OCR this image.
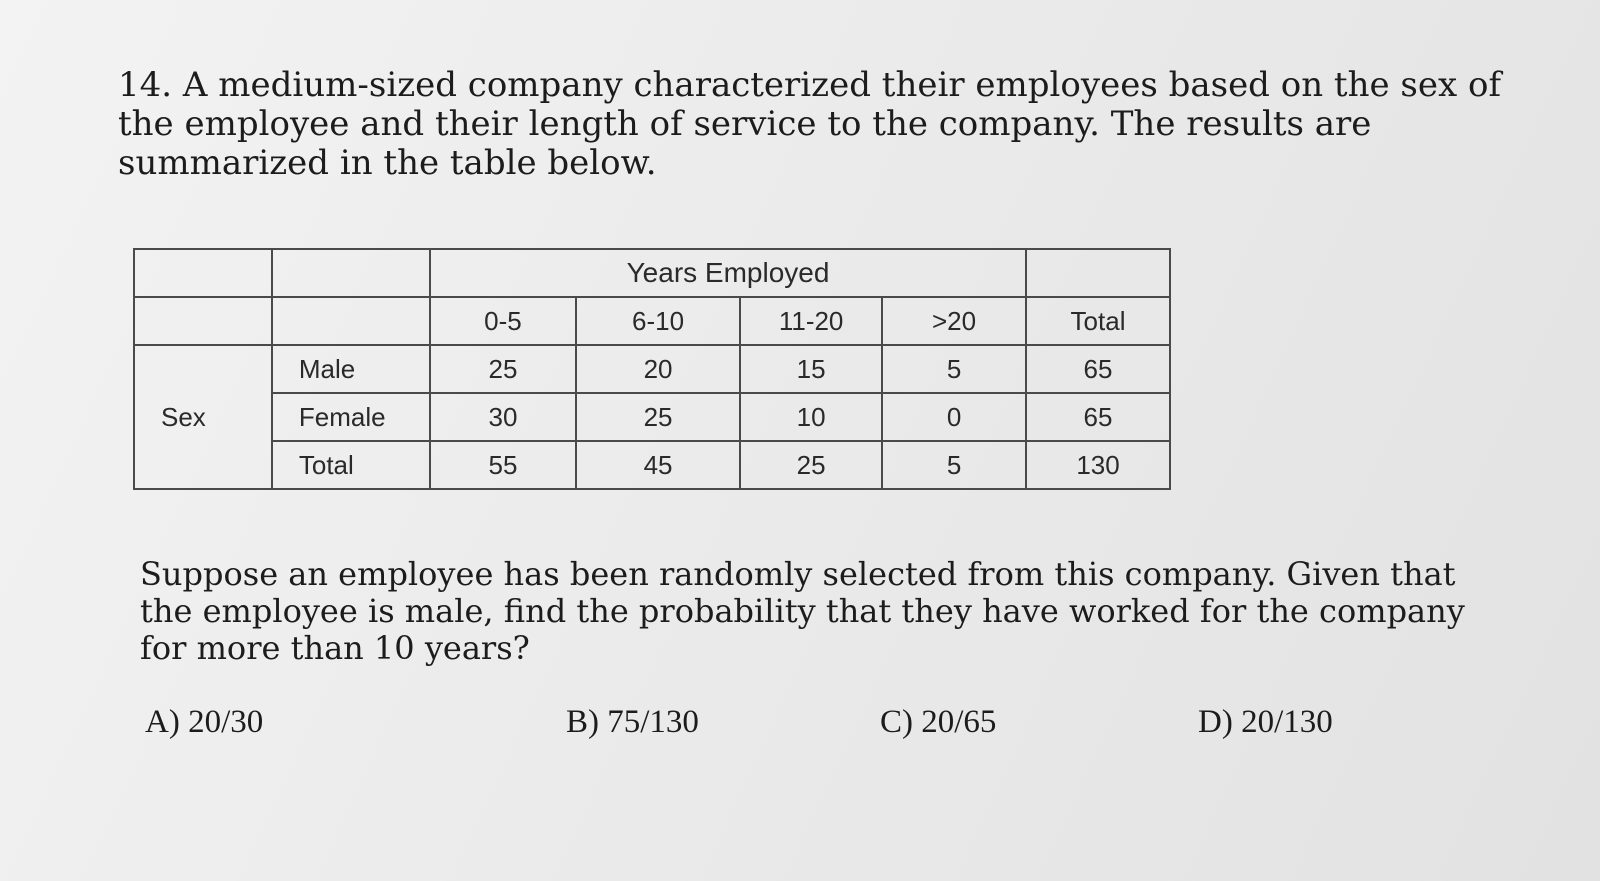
14. A medium-sized company characterized their employees based on the sex of
the employee and their length of service to the company. The results are
summarized in the table below.
		Years Employed				
		0-5	6-10	11-20	>20	Total
Sex	Male	25	20	15	5	65
	Female	30	25	10	0	65
	Total	55	45	25	5	130
Suppose an employee has been randomly selected from this company. Given that
the employee is male, find the probability that they have worked for the company
for more than 10 years?
A) 20/30	B) 75/130	C) 20/65	D) 20/130
